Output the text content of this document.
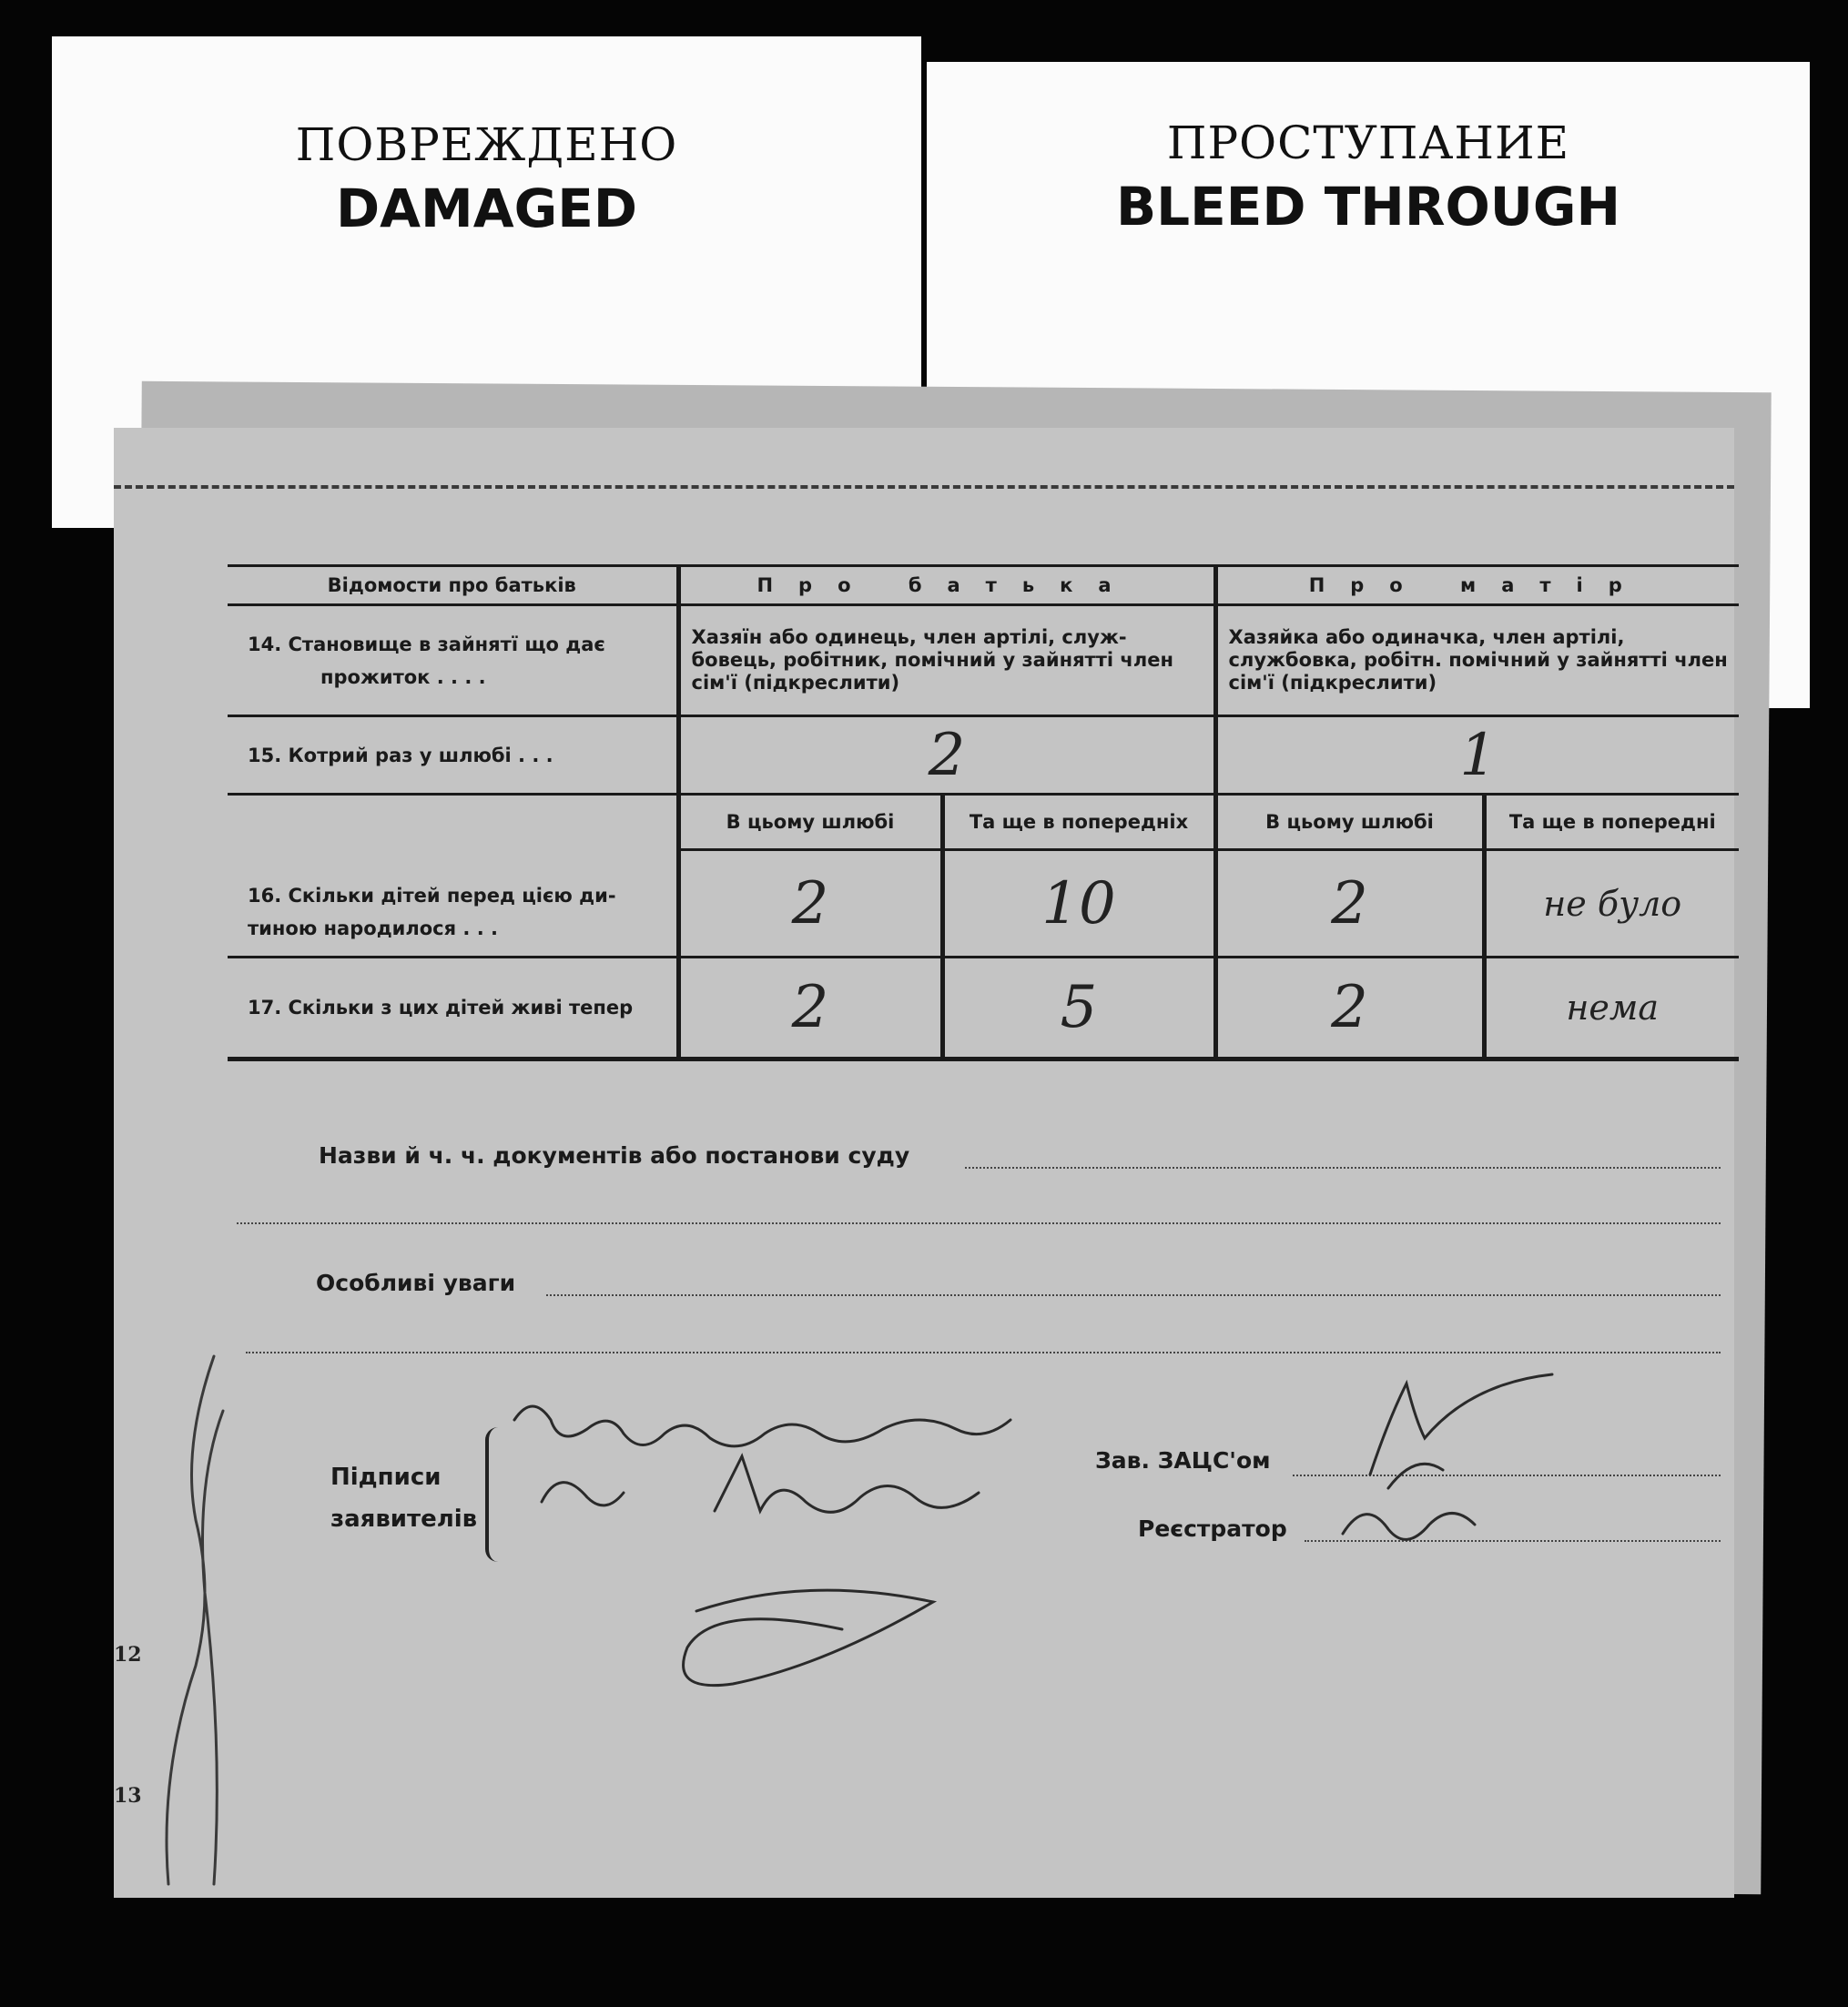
ПОВРЕЖДЕНО
DAMAGED
ПРОСТУПАНИЕ
BLEED THROUGH
Відомости про батьків	Про батька		Про матір	

14. Становище в зайнятї що дає
прожиток . . . .	Хазяїн або одинець, член артілі, служ- бовець, робітник, помічний у зайнятті член сім'ї (підкреслити)		Хазяйка або одиначка, член артілі, службовка, робітн. помічний у зайнятті член сім'ї (підкреслити)	
15. Котрий раз у шлюбі . . .	2		1	

16. Скільки дітей перед цією ди-
тиною народилося . . .	В цьому шлюбі	Та ще в попередніх	В цьому шлюбі	Та ще в попередні
	2	10	2	не було
17. Скільки з цих дітей живі тепер	2	5	2	нема
Назви й ч. ч. документів або постанови суду
Особливі уваги
Підписи
заявителів
Зав. ЗАЦС'ом
Реєстратор
12
13
